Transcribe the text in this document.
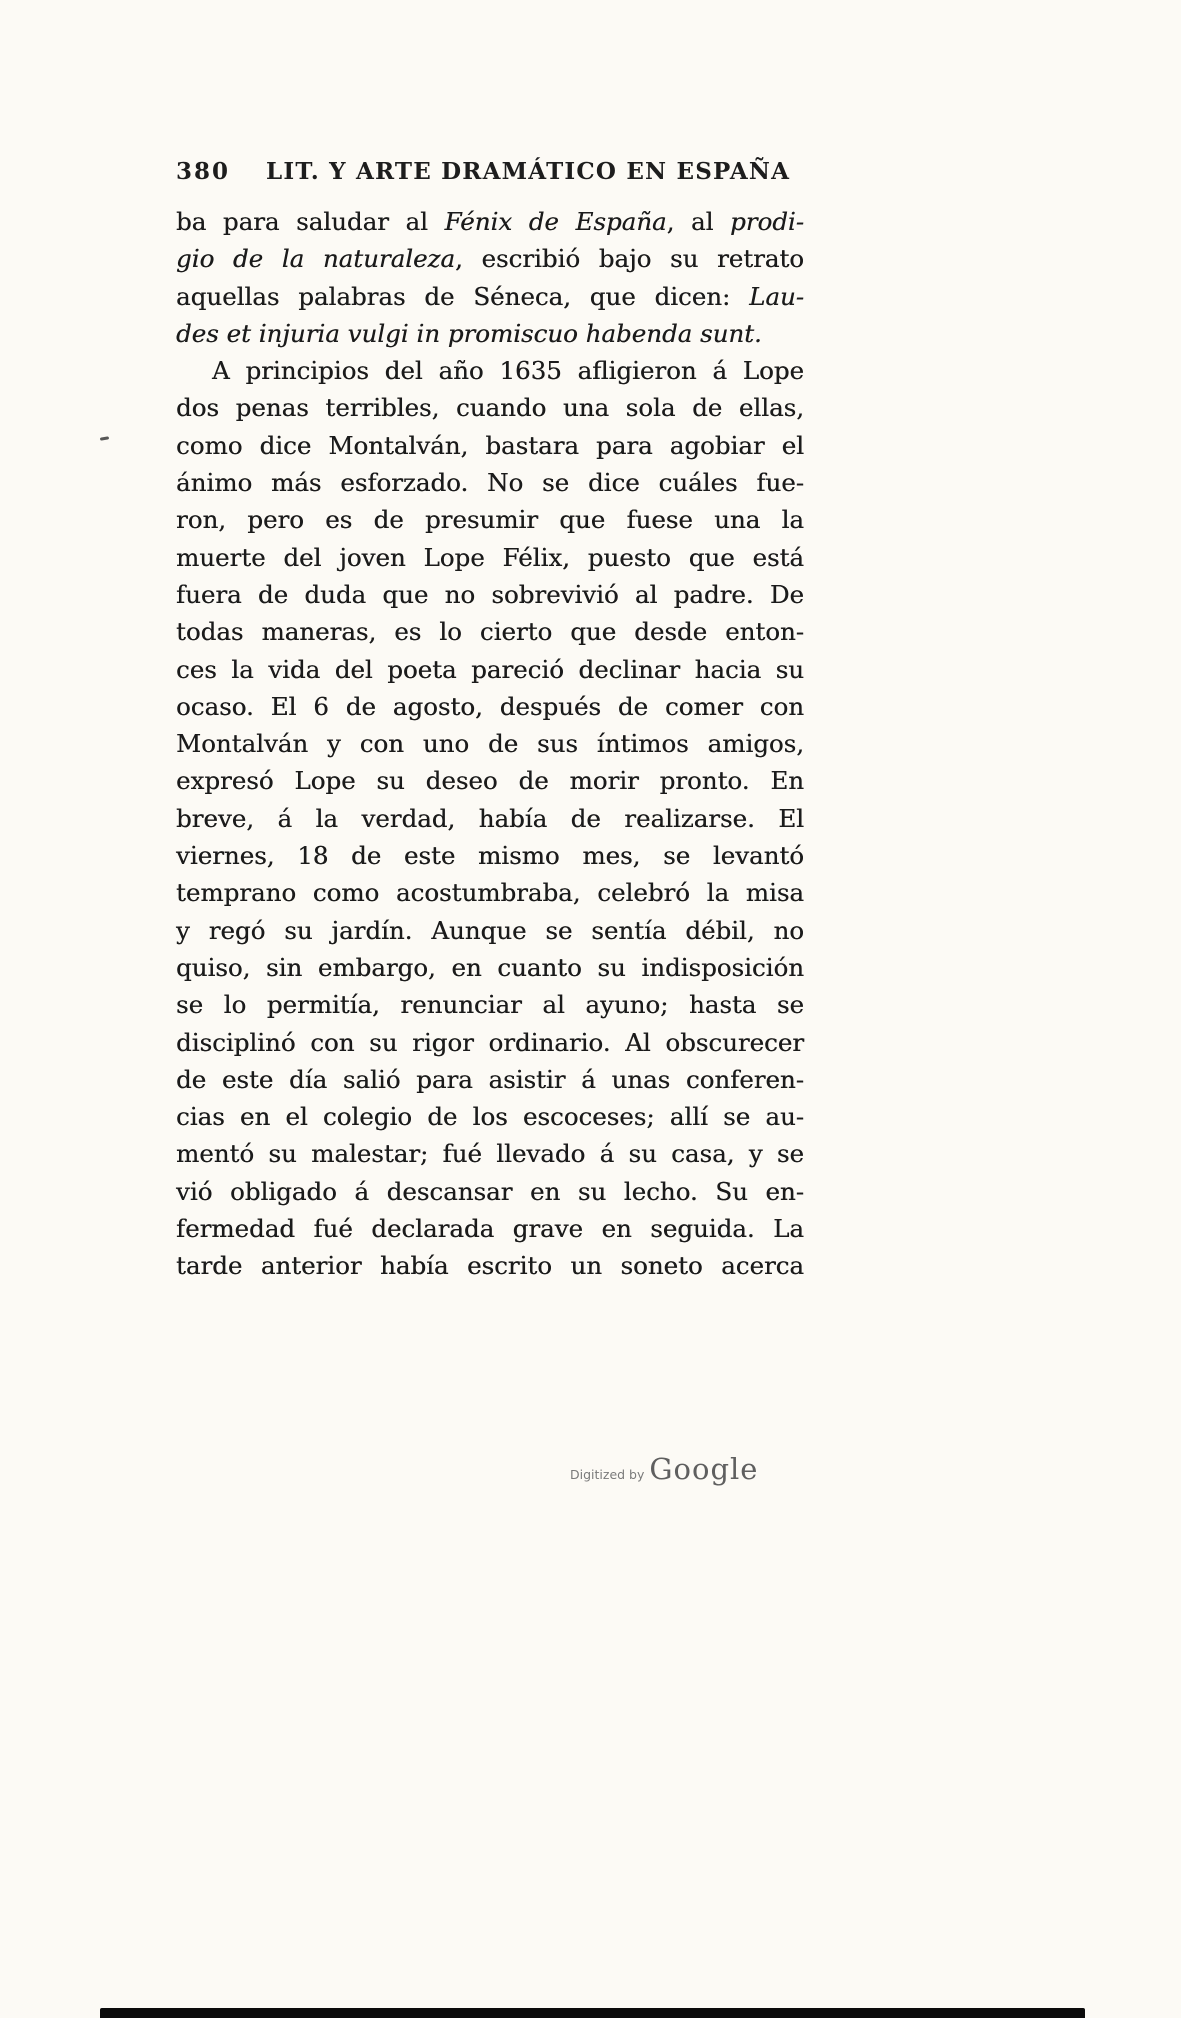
380 LIT. Y ARTE DRAMÁTICO EN ESPAÑA
ba para saludar al Fénix de España, al prodi-
gio de la naturaleza, escribió bajo su retrato
aquellas palabras de Séneca, que dicen: Lau-
des et injuria vulgi in promiscuo habenda sunt.
A principios del año 1635 afligieron á Lope
dos penas terribles, cuando una sola de ellas,
como dice Montalván, bastara para agobiar el
ánimo más esforzado. No se dice cuáles fue-
ron, pero es de presumir que fuese una la
muerte del joven Lope Félix, puesto que está
fuera de duda que no sobrevivió al padre. De
todas maneras, es lo cierto que desde enton-
ces la vida del poeta pareció declinar hacia su
ocaso. El 6 de agosto, después de comer con
Montalván y con uno de sus íntimos amigos,
expresó Lope su deseo de morir pronto. En
breve, á la verdad, había de realizarse. El
viernes, 18 de este mismo mes, se levantó
temprano como acostumbraba, celebró la misa
y regó su jardín. Aunque se sentía débil, no
quiso, sin embargo, en cuanto su indisposición
se lo permitía, renunciar al ayuno; hasta se
disciplinó con su rigor ordinario. Al obscurecer
de este día salió para asistir á unas conferen-
cias en el colegio de los escoceses; allí se au-
mentó su malestar; fué llevado á su casa, y se
vió obligado á descansar en su lecho. Su en-
fermedad fué declarada grave en seguida. La
tarde anterior había escrito un soneto acerca
Digitized by Google
